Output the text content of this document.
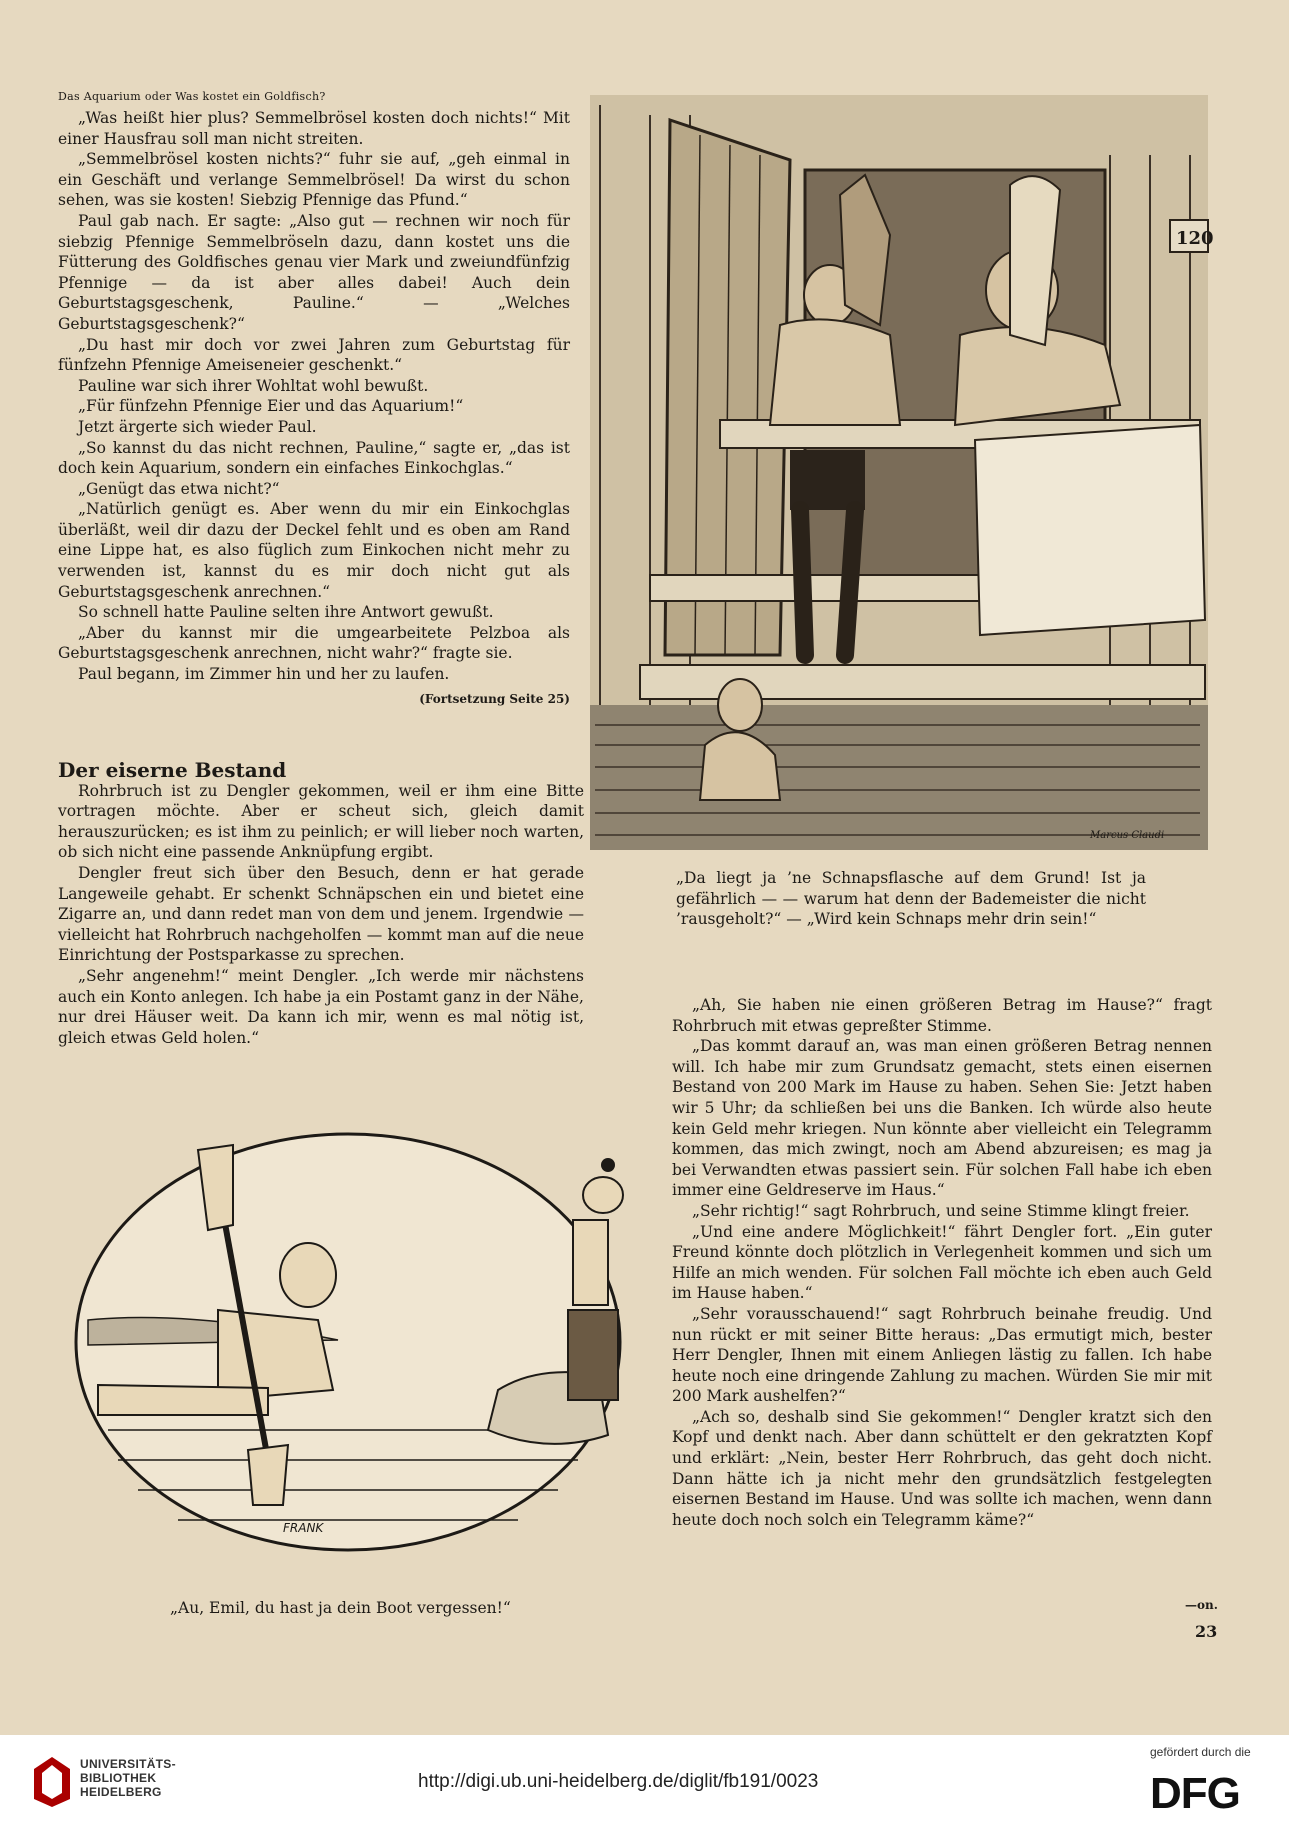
Das Aquarium oder Was kostet ein Goldfisch?

„Was heißt hier plus? Semmelbrösel kosten doch nichts!“ Mit einer Hausfrau soll man nicht streiten.

„Semmelbrösel kosten nichts?“ fuhr sie auf, „geh einmal in ein Geschäft und verlange Semmelbrösel! Da wirst du schon sehen, was sie kosten! Siebzig Pfennige das Pfund.“

Paul gab nach. Er sagte: „Also gut — rechnen wir noch für siebzig Pfennige Semmelbröseln dazu, dann kostet uns die Fütterung des Goldfisches genau vier Mark und zweiundfünfzig Pfennige — da ist aber alles dabei! Auch dein Geburtstagsgeschenk, Pauline.“ — „Welches Geburtstagsgeschenk?“

„Du hast mir doch vor zwei Jahren zum Geburtstag für fünfzehn Pfennige Ameiseneier geschenkt.“

Pauline war sich ihrer Wohltat wohl bewußt.

„Für fünfzehn Pfennige Eier und das Aquarium!“

Jetzt ärgerte sich wieder Paul.

„So kannst du das nicht rechnen, Pauline,“ sagte er, „das ist doch kein Aquarium, sondern ein einfaches Einkochglas.“

„Genügt das etwa nicht?“

„Natürlich genügt es. Aber wenn du mir ein Einkochglas überläßt, weil dir dazu der Deckel fehlt und es oben am Rand eine Lippe hat, es also füglich zum Einkochen nicht mehr zu verwenden ist, kannst du es mir doch nicht gut als Geburtstagsgeschenk anrechnen.“

So schnell hatte Pauline selten ihre Antwort gewußt.

„Aber du kannst mir die umgearbeitete Pelzboa als Geburtstagsgeschenk anrechnen, nicht wahr?“ fragte sie.

Paul begann, im Zimmer hin und her zu laufen.

(Fortsetzung Seite 25)

Der eiserne Bestand

Rohrbruch ist zu Dengler gekommen, weil er ihm eine Bitte vortragen möchte. Aber er scheut sich, gleich damit herauszurücken; es ist ihm zu peinlich; er will lieber noch warten, ob sich nicht eine passende Anknüpfung ergibt.

Dengler freut sich über den Besuch, denn er hat gerade Langeweile gehabt. Er schenkt Schnäpschen ein und bietet eine Zigarre an, und dann redet man von dem und jenem. Irgendwie — vielleicht hat Rohrbruch nachgeholfen — kommt man auf die neue Einrichtung der Postsparkasse zu sprechen.

„Sehr angenehm!“ meint Dengler. „Ich werde mir nächstens auch ein Konto anlegen. Ich habe ja ein Postamt ganz in der Nähe, nur drei Häuser weit. Da kann ich mir, wenn es mal nötig ist, gleich etwas Geld holen.“

„Ah, Sie haben nie einen größeren Betrag im Hause?“ fragt Rohrbruch mit etwas gepreßter Stimme.

„Das kommt darauf an, was man einen größeren Betrag nennen will. Ich habe mir zum Grundsatz gemacht, stets einen eisernen Bestand von 200 Mark im Hause zu haben. Sehen Sie: Jetzt haben wir 5 Uhr; da schließen bei uns die Banken. Ich würde also heute kein Geld mehr kriegen. Nun könnte aber vielleicht ein Telegramm kommen, das mich zwingt, noch am Abend abzureisen; es mag ja bei Verwandten etwas passiert sein. Für solchen Fall habe ich eben immer eine Geldreserve im Haus.“

„Sehr richtig!“ sagt Rohrbruch, und seine Stimme klingt freier.

„Und eine andere Möglichkeit!“ fährt Dengler fort. „Ein guter Freund könnte doch plötzlich in Verlegenheit kommen und sich um Hilfe an mich wenden. Für solchen Fall möchte ich eben auch Geld im Hause haben.“

„Sehr vorausschauend!“ sagt Rohrbruch beinahe freudig. Und nun rückt er mit seiner Bitte heraus: „Das ermutigt mich, bester Herr Dengler, Ihnen mit einem Anliegen lästig zu fallen. Ich habe heute noch eine dringende Zahlung zu machen. Würden Sie mir mit 200 Mark aushelfen?“

„Ach so, deshalb sind Sie gekommen!“ Dengler kratzt sich den Kopf und denkt nach. Aber dann schüttelt er den gekratzten Kopf und erklärt: „Nein, bester Herr Rohrbruch, das geht doch nicht. Dann hätte ich ja nicht mehr den grundsätzlich festgelegten eisernen Bestand im Hause. Und was sollte ich machen, wenn dann heute doch noch solch ein Telegramm käme?“

—on.
23
120
Marcus Claudi
„Da liegt ja ’ne Schnapsflasche auf dem Grund! Ist ja gefährlich — — warum hat denn der Bademeister die nicht ’rausgeholt?“ — „Wird kein Schnaps mehr drin sein!“
FRANK
„Au, Emil, du hast ja dein Boot vergessen!“
UNIVERSITÄTS-
BIBLIOTHEK
HEIDELBERG	http://digi.ub.uni-heidelberg.de/diglit/fb191/0023
gefördert durch die
DFG
